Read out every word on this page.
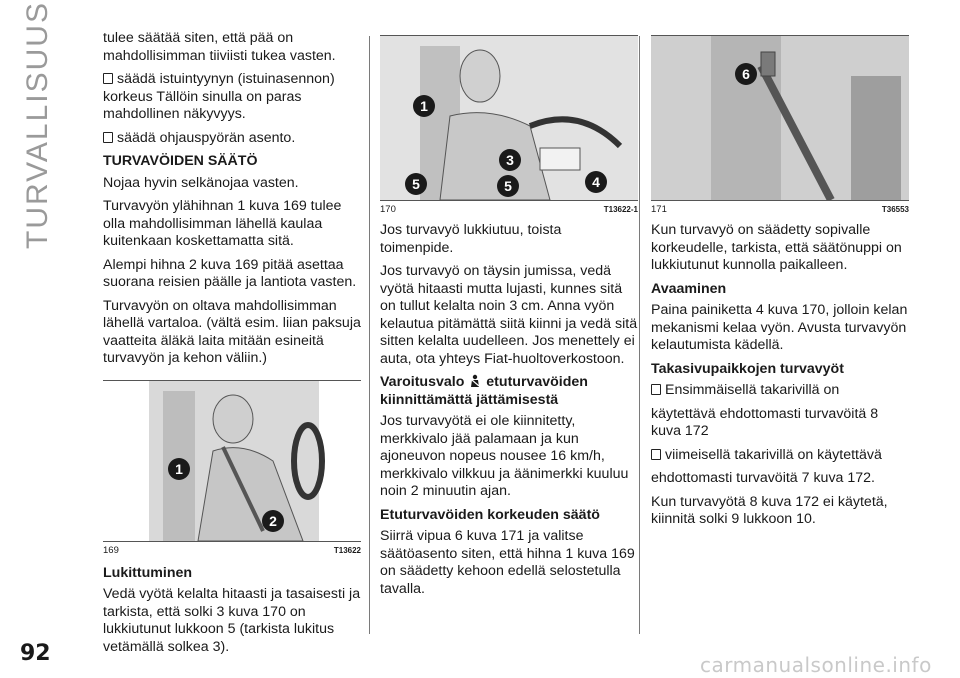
TURVALLISUUS	tulee säätää siten, että pää on mahdollisimman tiiviisti tukea vasten.

säädä istuintyynyn (istuinasennon) korkeus Tällöin sinulla on paras mahdollinen näkyvyys.

säädä ohjauspyörän asento.

TURVAVÖIDEN SÄÄTÖ

Nojaa hyvin selkänojaa vasten.

Turvavyön ylähihnan 1 kuva 169 tulee olla mahdollisimman lähellä kaulaa kuitenkaan koskettamatta sitä.

Alempi hihna 2 kuva 169 pitää asettaa suorana reisien päälle ja lantiota vasten.

Turvavyön on oltava mahdollisimman lähellä vartaloa. (vältä esim. liian paksuja vaatteita äläkä laita mitään esineitä turvavyön ja kehon väliin.)

1
2
169	T13622
Lukittuminen

Vedä vyötä kelalta hitaasti ja tasaisesti ja tarkista, että solki 3 kuva 170 on lukkiutunut lukkoon 5 (tarkista lukitus vetämällä solkea 3).

1
3
5	5	4
170	T13622-1

Jos turvavyö lukkiutuu, toista toimenpide.

Jos turvavyö on täysin jumissa, vedä vyötä hitaasti mutta lujasti, kunnes sitä on tullut kelalta noin 3 cm. Anna vyön kelautua pitämättä siitä kiinni ja vedä sitä sitten kelalta uudelleen. Jos menettely ei auta, ota yhteys Fiat-huoltoverkostoon.

Varoitusvalo etuturvavöiden kiinnittämättä jättämisestä

Jos turvavyötä ei ole kiinnitetty, merkkivalo jää palamaan ja kun ajoneuvon nopeus nousee 16 km/h, merkkivalo vilkkuu ja äänimerkki kuuluu noin 2 minuutin ajan.

Etuturvavöiden korkeuden säätö

Siirrä vipua 6 kuva 171 ja valitse säätöasento siten, että hihna 1 kuva 169 on säädetty kehoon edellä selostetulla tavalla.

6
171	T36553

Kun turvavyö on säädetty sopivalle korkeudelle, tarkista, että säätönuppi on lukkiutunut kunnolla paikalleen.

Avaaminen

Paina painiketta 4 kuva 170, jolloin kelan mekanismi kelaa vyön. Avusta turvavyön kelautumista kädellä.

Takasivupaikkojen turvavyöt

Ensimmäisellä takarivillä on

käytettävä ehdottomasti turvavöitä 8 kuva 172

viimeisellä takarivillä on käytettävä

ehdottomasti turvavöitä 7 kuva 172.

Kun turvavyötä 8 kuva 172 ei käytetä, kiinnitä solki 9 lukkoon 10.

92	carmanualsonline.info
